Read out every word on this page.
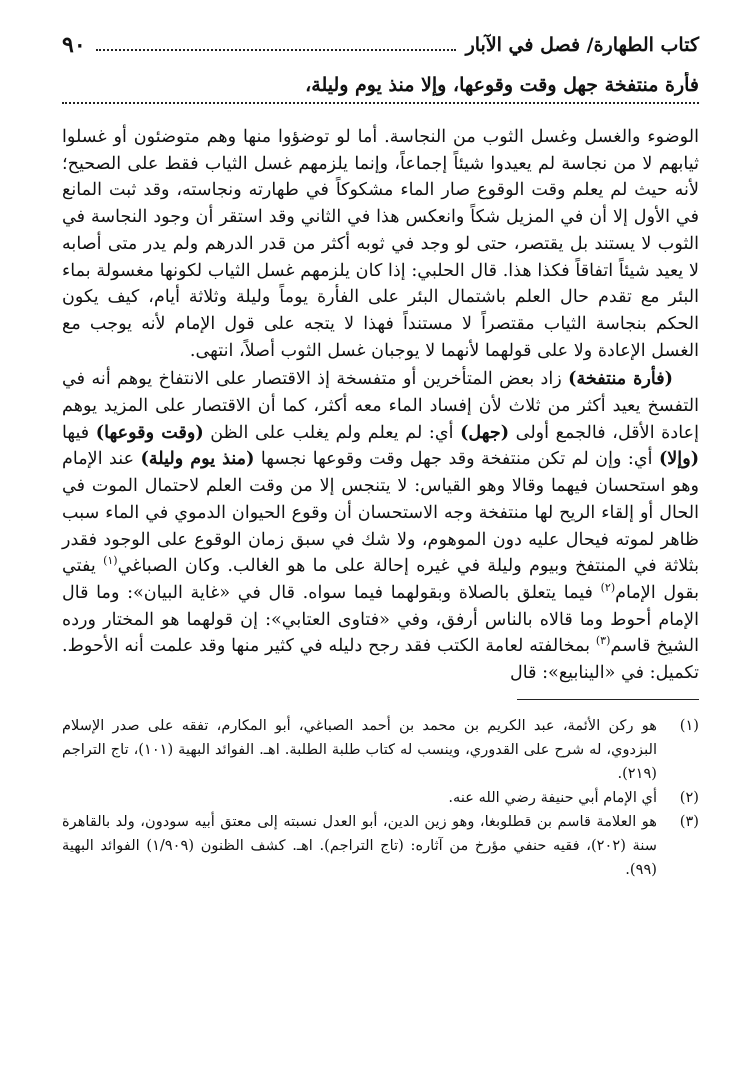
كتاب الطهارة/ فصل في الآبار
٩٠
فأرة منتفخة جهل وقت وقوعها، وإلا منذ يوم وليلة،

الوضوء والغسل وغسل الثوب من النجاسة. أما لو توضؤوا منها وهم متوضئون أو غسلوا ثيابهم لا من نجاسة لم يعيدوا شيئاً إجماعاً، وإنما يلزمهم غسل الثياب فقط على الصحيح؛ لأنه حيث لم يعلم وقت الوقوع صار الماء مشكوكاً في طهارته ونجاسته، وقد ثبت المانع في الأول إلا أن في المزيل شكاً وانعكس هذا في الثاني وقد استقر أن وجود النجاسة في الثوب لا يستند بل يقتصر، حتى لو وجد في ثوبه أكثر من قدر الدرهم ولم يدر متى أصابه لا يعيد شيئاً اتفاقاً فكذا هذا. قال الحلبي: إذا كان يلزمهم غسل الثياب لكونها مغسولة بماء البئر مع تقدم حال العلم باشتمال البئر على الفأرة يوماً وليلة وثلاثة أيام، كيف يكون الحكم بنجاسة الثياب مقتصراً لا مستنداً فهذا لا يتجه على قول الإمام لأنه يوجب مع الغسل الإعادة ولا على قولهما لأنهما لا يوجبان غسل الثوب أصلاً، انتهى.

(فأرة منتفخة) زاد بعض المتأخرين أو متفسخة إذ الاقتصار على الانتفاخ يوهم أنه في التفسخ يعيد أكثر من ثلاث لأن إفساد الماء معه أكثر، كما أن الاقتصار على المزيد يوهم إعادة الأقل، فالجمع أولى (جهل) أي: لم يعلم ولم يغلب على الظن (وقت وقوعها) فيها (وإلا) أي: وإن لم تكن منتفخة وقد جهل وقت وقوعها نجسها (منذ يوم وليلة) عند الإمام وهو استحسان فيهما وقالا وهو القياس: لا يتنجس إلا من وقت العلم لاحتمال الموت في الحال أو إلقاء الريح لها منتفخة وجه الاستحسان أن وقوع الحيوان الدموي في الماء سبب ظاهر لموته فيحال عليه دون الموهوم، ولا شك في سبق زمان الوقوع على الوجود فقدر بثلاثة في المنتفخ وبيوم وليلة في غيره إحالة على ما هو الغالب. وكان الصباغي$^{(١)}$ يفتي بقول الإمام$^{(٢)}$ فيما يتعلق بالصلاة وبقولهما فيما سواه. قال في «غاية البيان»: وما قال الإمام أحوط وما قالاه بالناس أرفق، وفي «فتاوى العتابي»: إن قولهما هو المختار ورده الشيخ قاسم$^{(٣)}$ بمخالفته لعامة الكتب فقد رجح دليله في كثير منها وقد علمت أنه الأحوط. تكميل: في «الينابيع»: قال

(١)
هو ركن الأئمة، عبد الكريم بن محمد بن أحمد الصباغي، أبو المكارم، تفقه على صدر الإسلام البزدوي، له شرح على القدوري، وينسب له كتاب طلبة الطلبة. اهـ. الفوائد البهية (١٠١)، تاج التراجم (٢١٩).
(٢)
أي الإمام أبي حنيفة رضي الله عنه.
(٣)
هو العلامة قاسم بن قطلوبغا، وهو زين الدين، أبو العدل نسبته إلى معتق أبيه سودون، ولد بالقاهرة سنة (٢٠٢)، فقيه حنفي مؤرخ من آثاره: (تاج التراجم). اهـ. كشف الظنون (١/٩٠٩) الفوائد البهية (٩٩).
